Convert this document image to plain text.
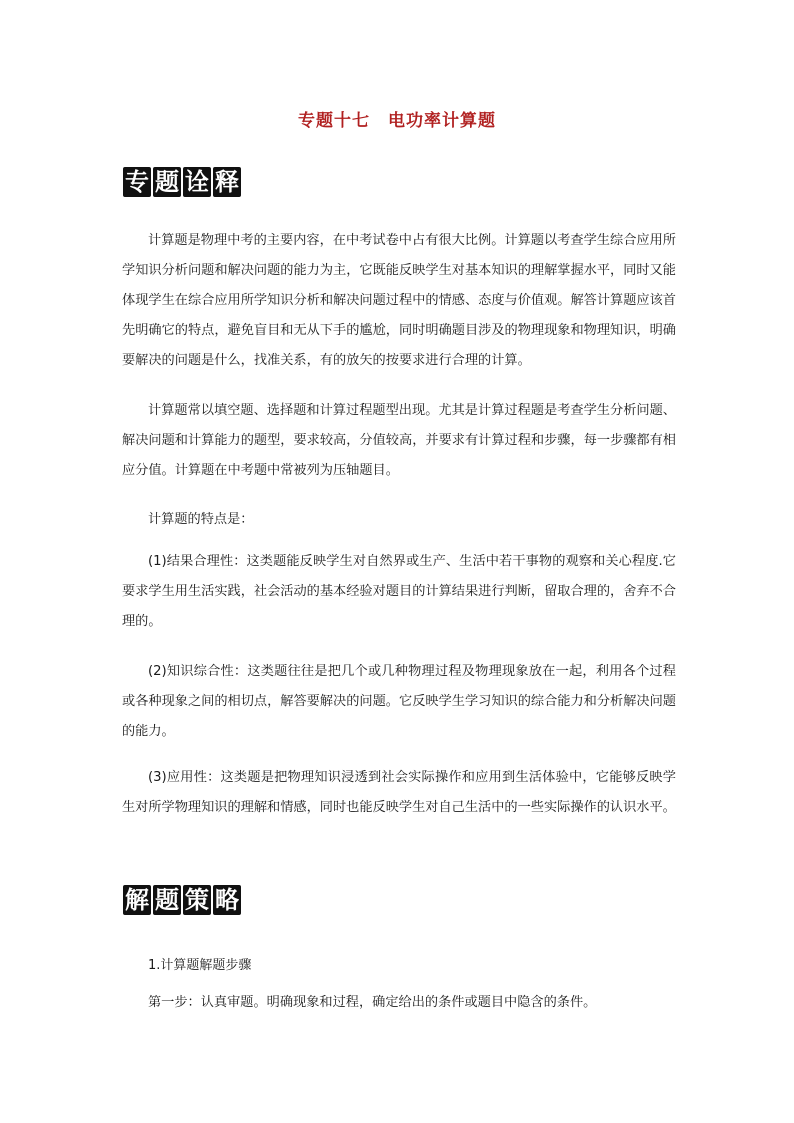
专题十七　电功率计算题
专 题 诠 释

计算题是物理中考的主要内容，在中考试卷中占有很大比例。计算题以考查学生综合应用所学知识分析问题和解决问题的能力为主，它既能反映学生对基本知识的理解掌握水平，同时又能体现学生在综合应用所学知识分析和解决问题过程中的情感、态度与价值观。解答计算题应该首先明确它的特点，避免盲目和无从下手的尴尬，同时明确题目涉及的物理现象和物理知识，明确要解决的问题是什么，找准关系，有的放矢的按要求进行合理的计算。

计算题常以填空题、选择题和计算过程题型出现。尤其是计算过程题是考查学生分析问题、解决问题和计算能力的题型，要求较高，分值较高，并要求有计算过程和步骤，每一步骤都有相应分值。计算题在中考题中常被列为压轴题目。

计算题的特点是：

(1)结果合理性：这类题能反映学生对自然界或生产、生活中若干事物的观察和关心程度.它要求学生用生活实践，社会活动的基本经验对题目的计算结果进行判断，留取合理的，舍弃不合理的。

(2)知识综合性：这类题往往是把几个或几种物理过程及物理现象放在一起，利用各个过程或各种现象之间的相切点，解答要解决的问题。它反映学生学习知识的综合能力和分析解决问题的能力。

(3)应用性：这类题是把物理知识浸透到社会实际操作和应用到生活体验中，它能够反映学生对所学物理知识的理解和情感，同时也能反映学生对自己生活中的一些实际操作的认识水平。

解 题 策 略
1.计算题解题步骤

第一步：认真审题。明确现象和过程，确定给出的条件或题目中隐含的条件。
